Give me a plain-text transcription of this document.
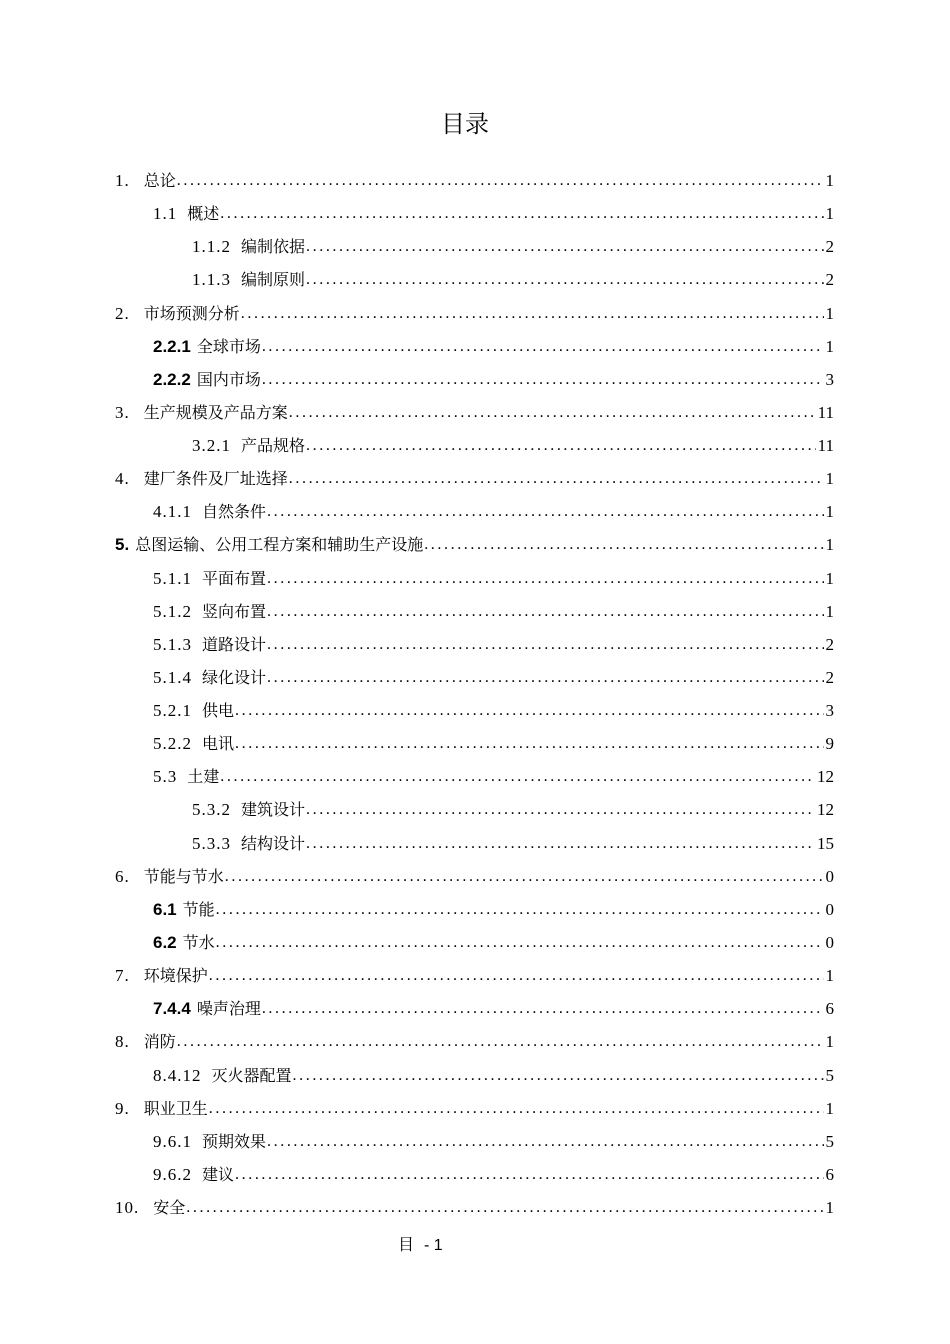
目录
1. 总论 .....	1
1.1 概述 .....	1
1.1.2 编制依据 .....	2
1.1.3 编制原则 .....	2
2. 市场预测分析 .....	1
2.2.1 全球市场 .....	1
2.2.2 国内市场 .....	3
3. 生产规模及产品方案 .....	11
3.2.1 产品规格 .....	11
4. 建厂条件及厂址选择 .....	1
4.1.1 自然条件 .....	1
5. 总图运输、公用工程方案和辅助生产设施 .....	1
5.1.1 平面布置 .....	1
5.1.2 竖向布置 .....	1
5.1.3 道路设计 .....	2
5.1.4 绿化设计 .....	2
5.2.1 供电 .....	3
5.2.2 电讯 .....	9
5.3 土建 .....	12
5.3.2 建筑设计 .....	12
5.3.3 结构设计 .....	15
6. 节能与节水 .....	0
6.1 节能 .....	0
6.2 节水 .....	0
7. 环境保护 .....	1
7.4.4 噪声治理 .....	6
8. 消防 .....	1
8.4.12 灭火器配置 .....	5
9. 职业卫生 .....	1
9.6.1 预期效果 .....	5
9.6.2 建议 .....	6
10. 安全 .....	1
目 - 1
